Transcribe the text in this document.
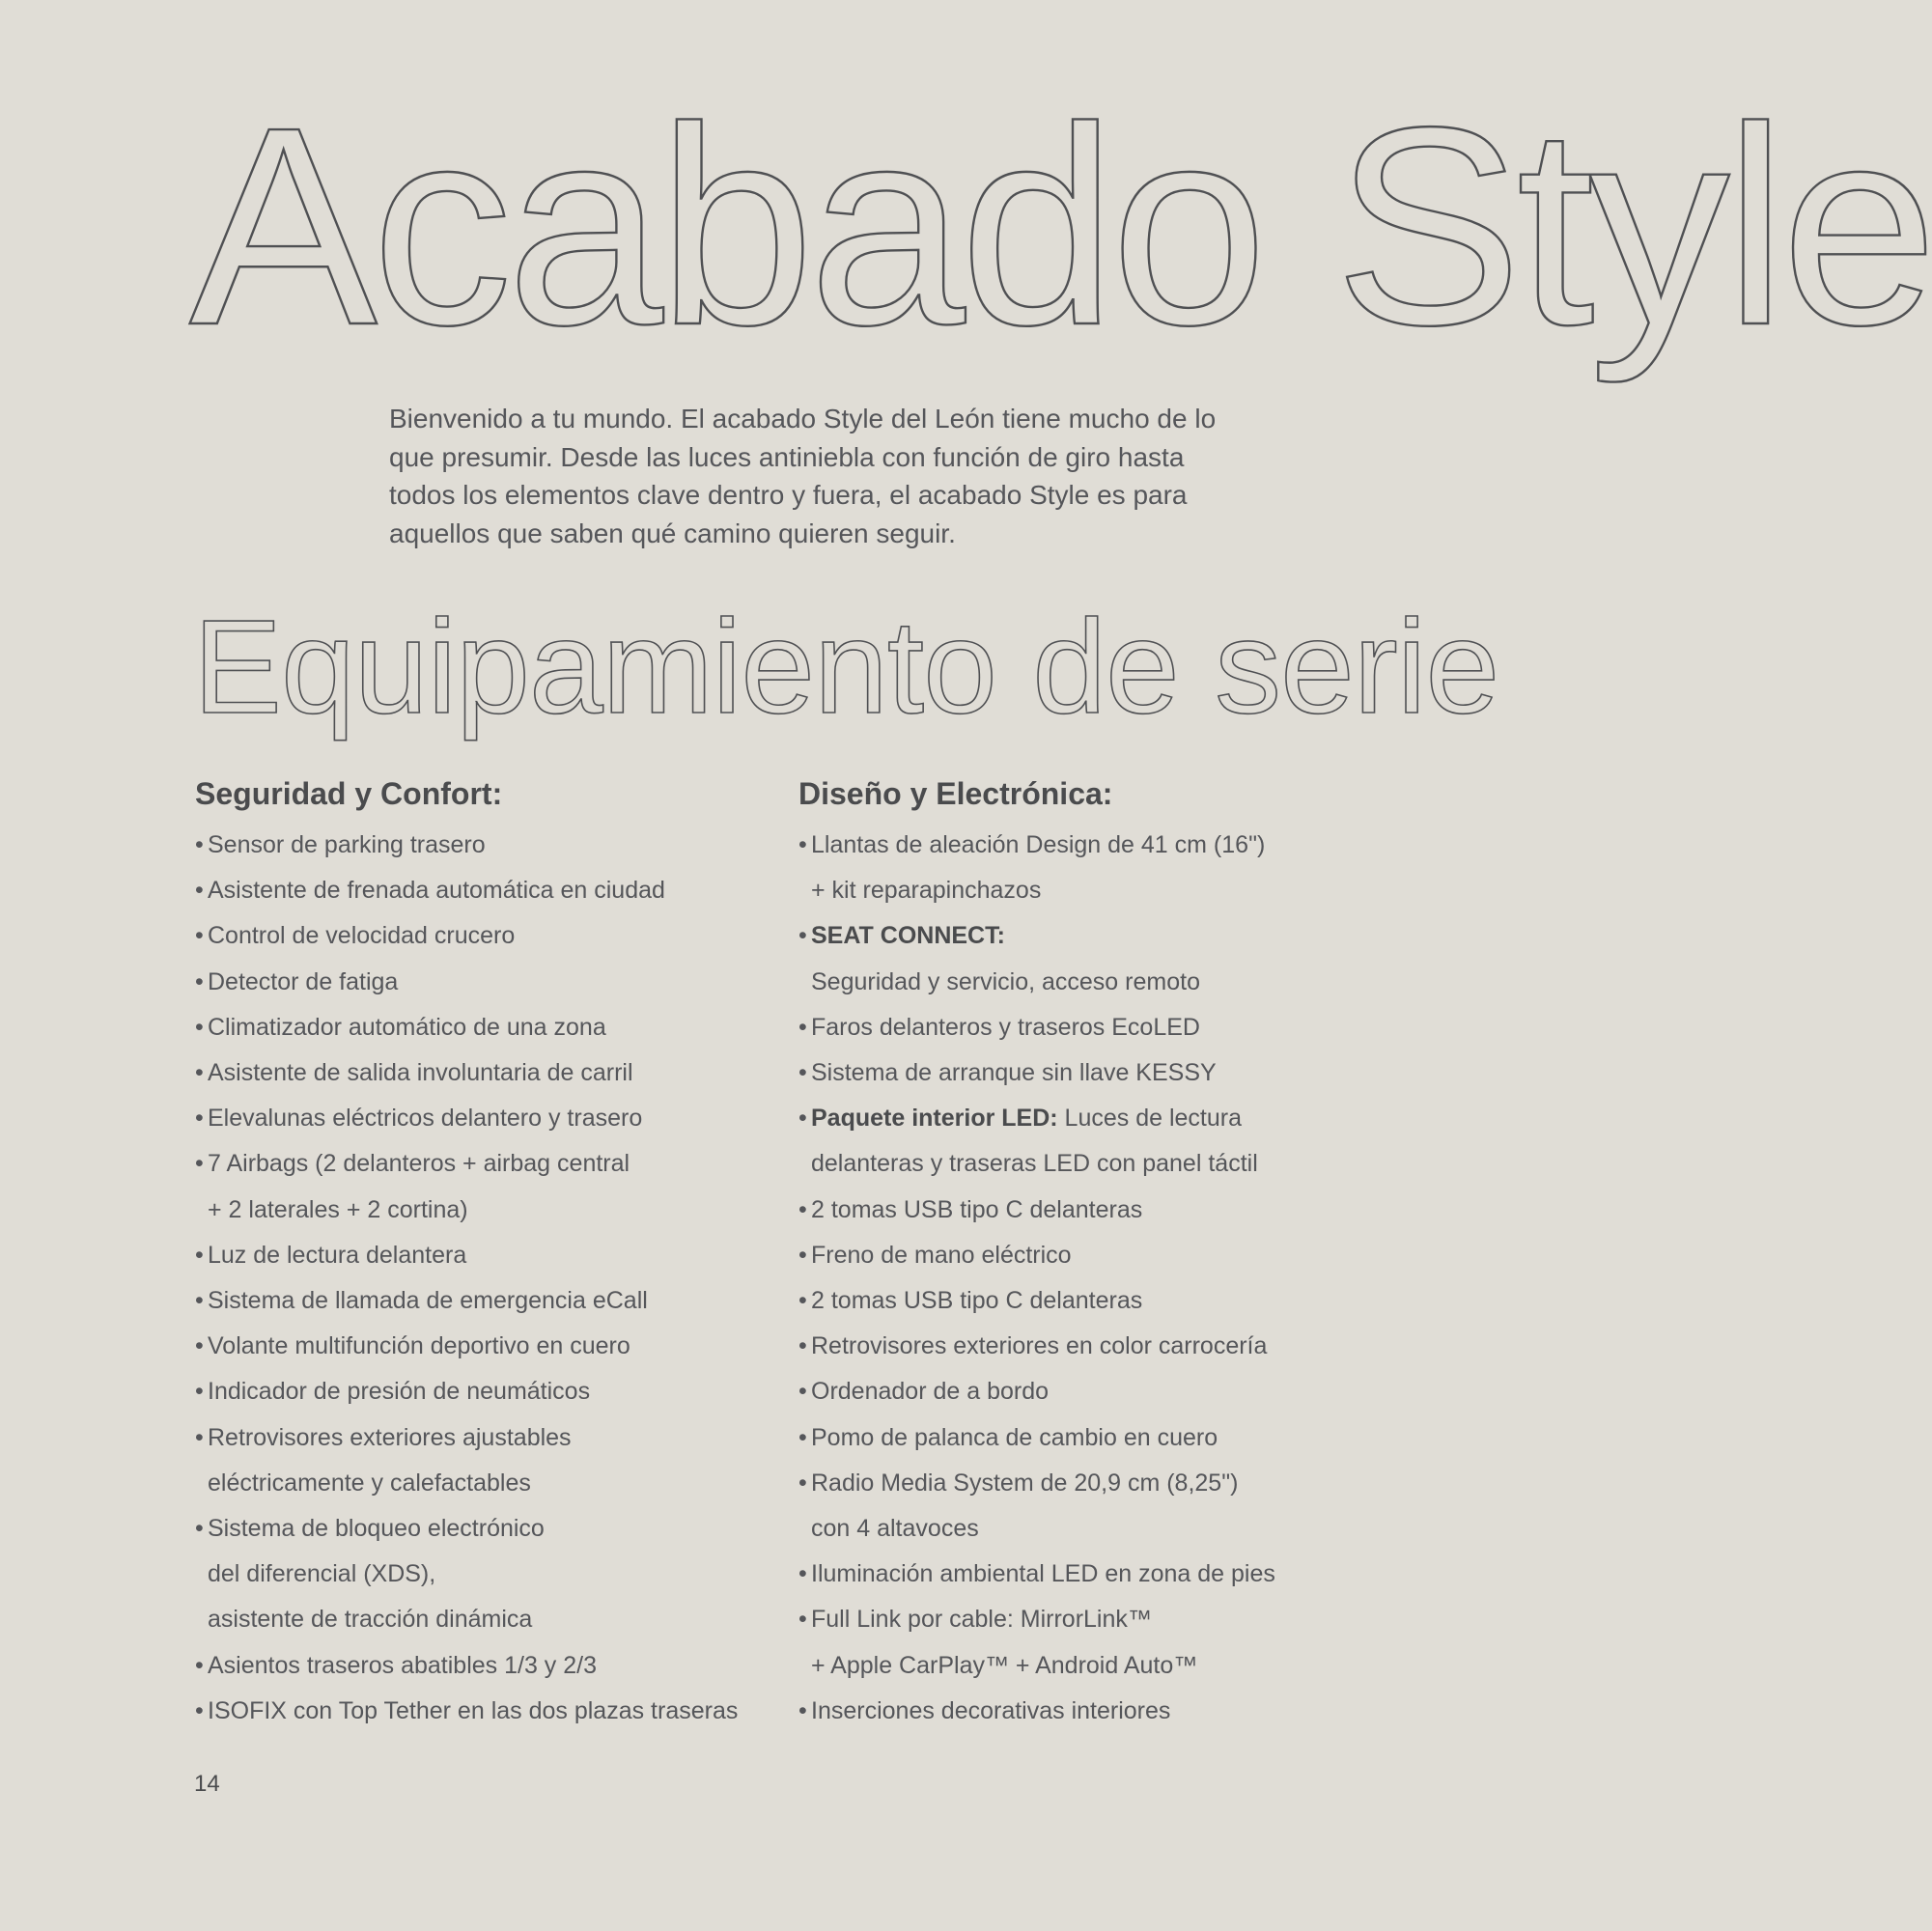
Acabado Style

Bienvenido a tu mundo. El acabado Style del León tiene mucho de lo que presumir. Desde las luces antiniebla con función de giro hasta todos los elementos clave dentro y fuera, el acabado Style es para aquellos que saben qué camino quieren seguir.

Equipamiento de serie
Seguridad y Confort:
• Sensor de parking trasero
• Asistente de frenada automática en ciudad
• Control de velocidad crucero
• Detector de fatiga
• Climatizador automático de una zona
• Asistente de salida involuntaria de carril
• Elevalunas eléctricos delantero y trasero
• 7 Airbags (2 delanteros + airbag central
+ 2 laterales + 2 cortina)
• Luz de lectura delantera
• Sistema de llamada de emergencia eCall
• Volante multifunción deportivo en cuero
• Indicador de presión de neumáticos
• Retrovisores exteriores ajustables
eléctricamente y calefactables
• Sistema de bloqueo electrónico
del diferencial (XDS),
asistente de tracción dinámica
• Asientos traseros abatibles 1/3 y 2/3
• ISOFIX con Top Tether en las dos plazas traseras
Diseño y Electrónica:
• Llantas de aleación Design de 41 cm (16")
+ kit reparapinchazos
• SEAT CONNECT:
Seguridad y servicio, acceso remoto
• Faros delanteros y traseros EcoLED
• Sistema de arranque sin llave KESSY
• Paquete interior LED: Luces de lectura
delanteras y traseras LED con panel táctil
• 2 tomas USB tipo C delanteras
• Freno de mano eléctrico
• 2 tomas USB tipo C delanteras
• Retrovisores exteriores en color carrocería
• Ordenador de a bordo
• Pomo de palanca de cambio en cuero
• Radio Media System de 20,9 cm (8,25")
con 4 altavoces
• Iluminación ambiental LED en zona de pies
• Full Link por cable: MirrorLink™
+ Apple CarPlay™ + Android Auto™
• Inserciones decorativas interiores
14
